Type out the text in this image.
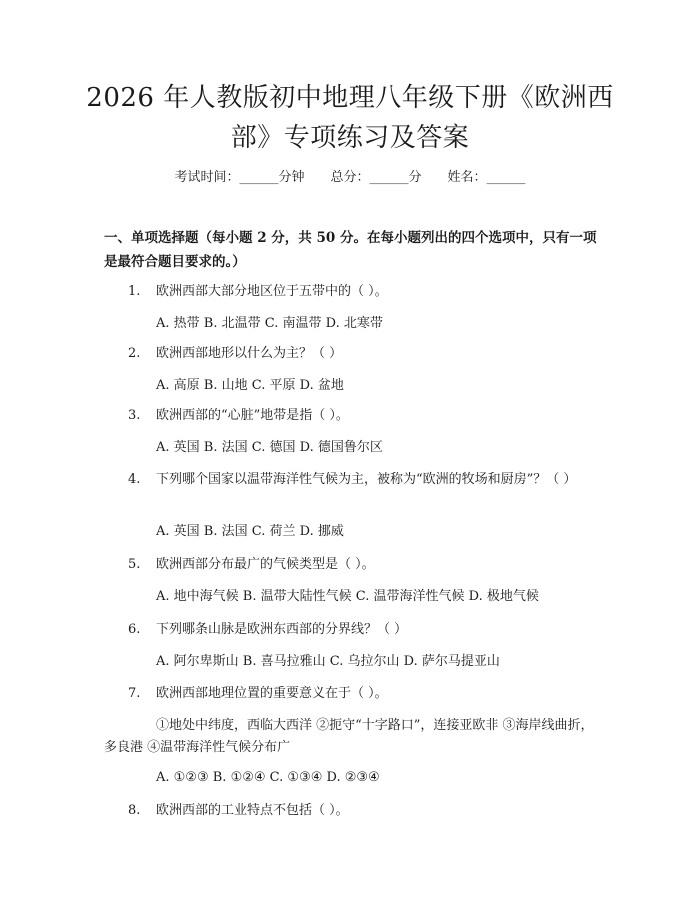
2026 年人教版初中地理八年级下册《欧洲西
部》专项练习及答案
考试时间：______分钟 总分：______分 姓名：______
一、单项选择题（每小题 2 分，共 50 分。在每小题列出的四个选项中，只有一项
是最符合题目要求的。）
1.	欧洲西部大部分地区位于五带中的（ ）。
A. 热带 B. 北温带 C. 南温带 D. 北寒带
2.	欧洲西部地形以什么为主？（ ）
A. 高原 B. 山地 C. 平原 D. 盆地
3.	欧洲西部的“心脏”地带是指（ ）。
A. 英国 B. 法国 C. 德国 D. 德国鲁尔区
4.	下列哪个国家以温带海洋性气候为主，被称为“欧洲的牧场和厨房”？（ ）
A. 英国 B. 法国 C. 荷兰 D. 挪威
5.	欧洲西部分布最广的气候类型是（ ）。
A. 地中海气候 B. 温带大陆性气候 C. 温带海洋性气候 D. 极地气候
6.	下列哪条山脉是欧洲东西部的分界线？（ ）
A. 阿尔卑斯山 B. 喜马拉雅山 C. 乌拉尔山 D. 萨尔马提亚山
7.	欧洲西部地理位置的重要意义在于（ ）。
①地处中纬度，西临大西洋 ②扼守“十字路口”，连接亚欧非 ③海岸线曲折，多良港 ④温带海洋性气候分布广
A. ①②③ B. ①②④ C. ①③④ D. ②③④
8.	欧洲西部的工业特点不包括（ ）。
